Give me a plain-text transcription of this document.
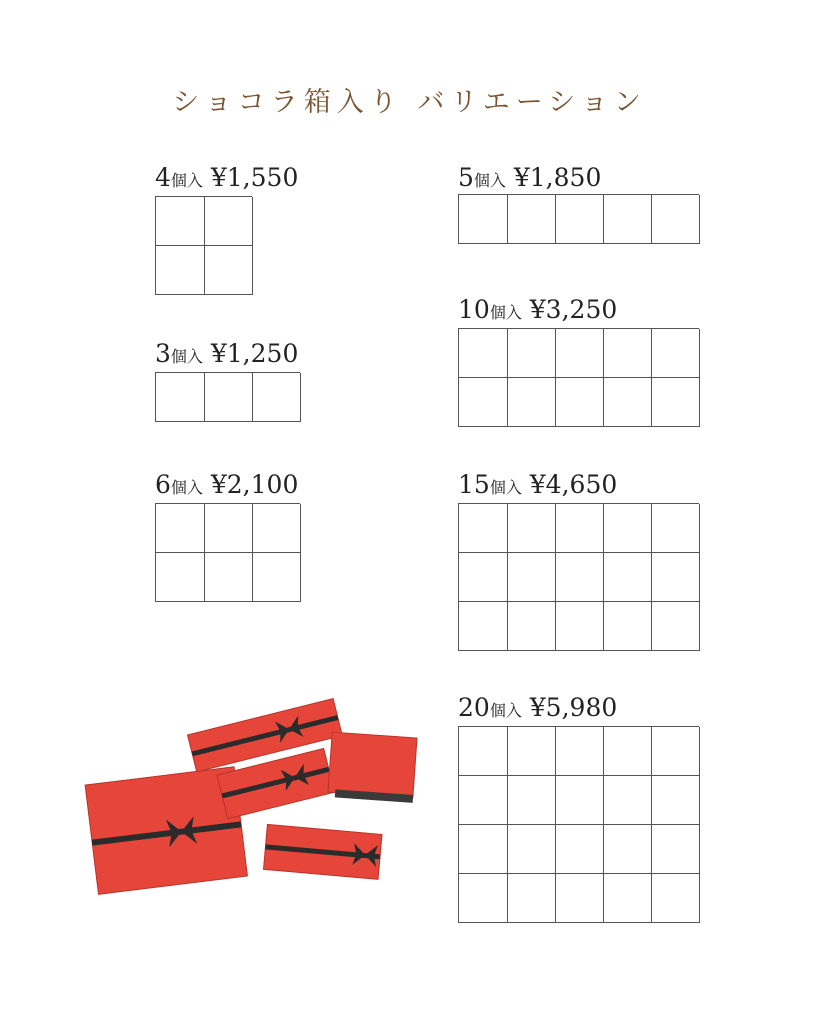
ショコラ箱入り バリエーション
4個入 ¥1,550	5個入 ¥1,850
10個入 ¥3,250
3個入 ¥1,250
6個入 ¥2,100	15個入 ¥4,650
20個入 ¥5,980
